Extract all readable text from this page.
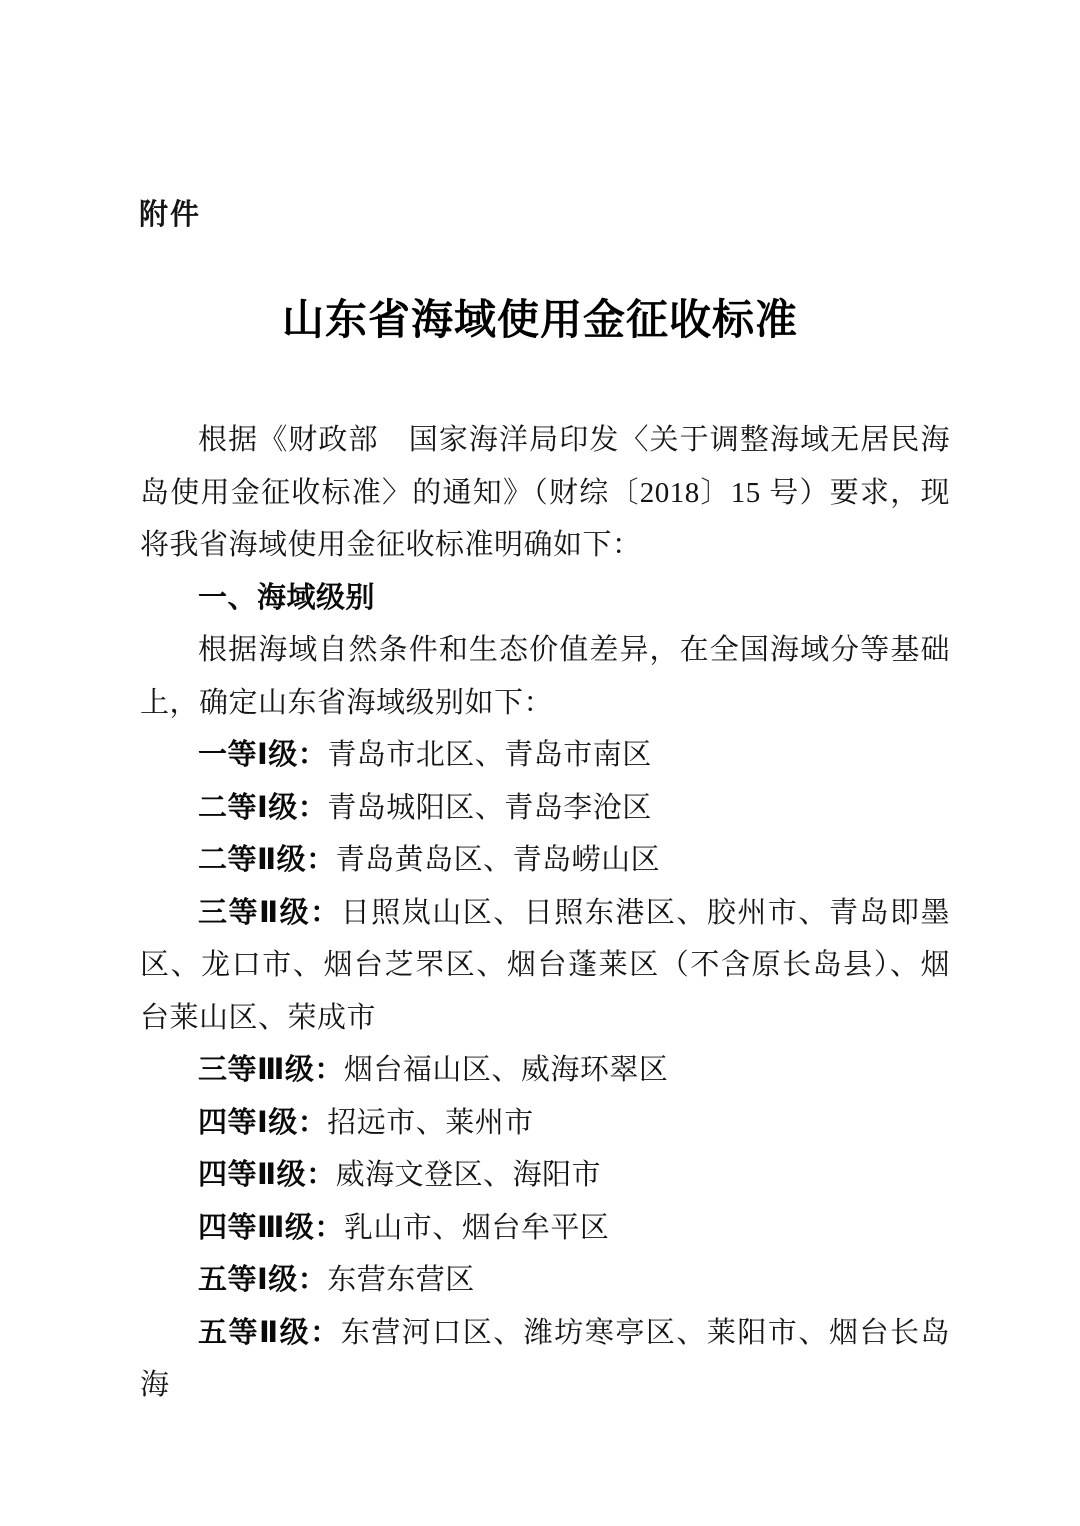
附件
山东省海域使用金征收标准

根据《财政部　国家海洋局印发〈关于调整海域无居民海岛使用金征收标准〉的通知》（财综〔2018〕15 号）要求，现将我省海域使用金征收标准明确如下：

一、海域级别

根据海域自然条件和生态价值差异，在全国海域分等基础上，确定山东省海域级别如下：

一等Ⅰ级：青岛市北区、青岛市南区

二等Ⅰ级：青岛城阳区、青岛李沧区

二等Ⅱ级：青岛黄岛区、青岛崂山区

三等Ⅱ级：日照岚山区、日照东港区、胶州市、青岛即墨区、龙口市、烟台芝罘区、烟台蓬莱区（不含原长岛县）、烟台莱山区、荣成市

三等Ⅲ级：烟台福山区、威海环翠区

四等Ⅰ级：招远市、莱州市

四等Ⅱ级：威海文登区、海阳市

四等Ⅲ级：乳山市、烟台牟平区

五等Ⅰ级：东营东营区

五等Ⅱ级：东营河口区、潍坊寒亭区、莱阳市、烟台长岛海
